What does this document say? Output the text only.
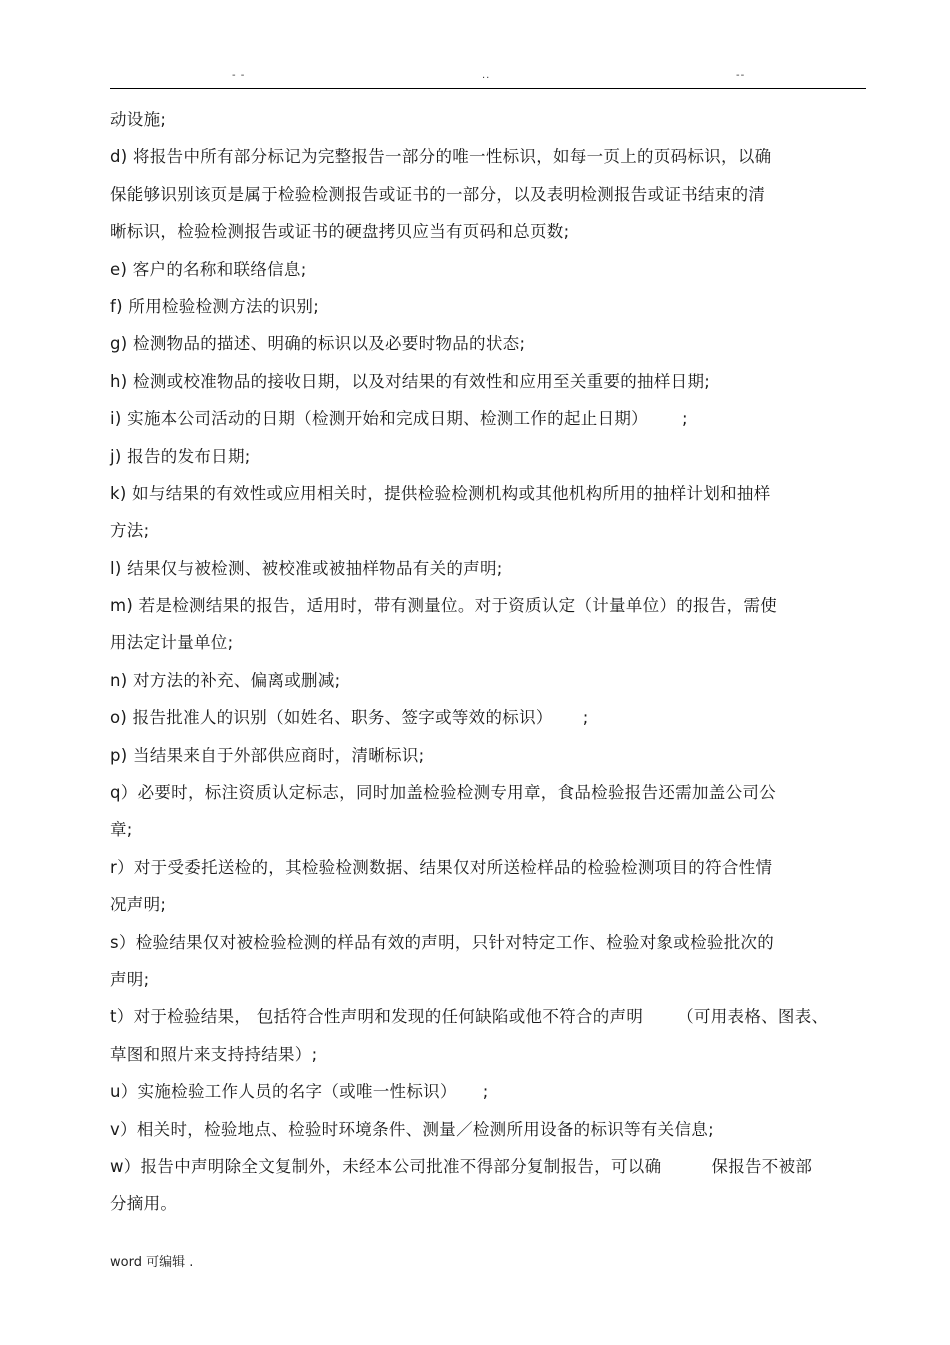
- -	..	--
动设施;
d) 将报告中所有部分标记为完整报告一部分的唯一性标识，如每一页上的页码标识，以确
保能够识别该页是属于检验检测报告或证书的一部分，以及表明检测报告或证书结束的清
晰标识，检验检测报告或证书的硬盘拷贝应当有页码和总页数;
e) 客户的名称和联络信息;
f) 所用检验检测方法的识别;
g) 检测物品的描述、明确的标识以及必要时物品的状态;
h) 检测或校准物品的接收日期，以及对结果的有效性和应用至关重要的抽样日期;
i) 实施本公司活动的日期（检测开始和完成日期、检测工作的起止日期） ;
j) 报告的发布日期;
k) 如与结果的有效性或应用相关时，提供检验检测机构或其他机构所用的抽样计划和抽样
方法;
l) 结果仅与被检测、被校准或被抽样物品有关的声明;
m) 若是检测结果的报告，适用时，带有测量位。对于资质认定（计量单位）的报告，需使
用法定计量单位;
n) 对方法的补充、偏离或删减;
o) 报告批准人的识别（如姓名、职务、签字或等效的标识） ;
p) 当结果来自于外部供应商时，清晰标识;
q）必要时，标注资质认定标志，同时加盖检验检测专用章，食品检验报告还需加盖公司公
章;
r）对于受委托送检的，其检验检测数据、结果仅对所送检样品的检验检测项目的符合性情
况声明;
s）检验结果仅对被检验检测的样品有效的声明，只针对特定工作、检验对象或检验批次的
声明;
t）对于检验结果， 包括符合性声明和发现的任何缺陷或他不符合的声明 （可用表格、图表、
草图和照片来支持持结果）;
u）实施检验工作人员的名字（或唯一性标识） ;
v）相关时，检验地点、检验时环境条件、测量／检测所用设备的标识等有关信息;
w）报告中声明除全文复制外，未经本公司批准不得部分复制报告，可以确	保报告不被部
分摘用。
word 可编辑 .
